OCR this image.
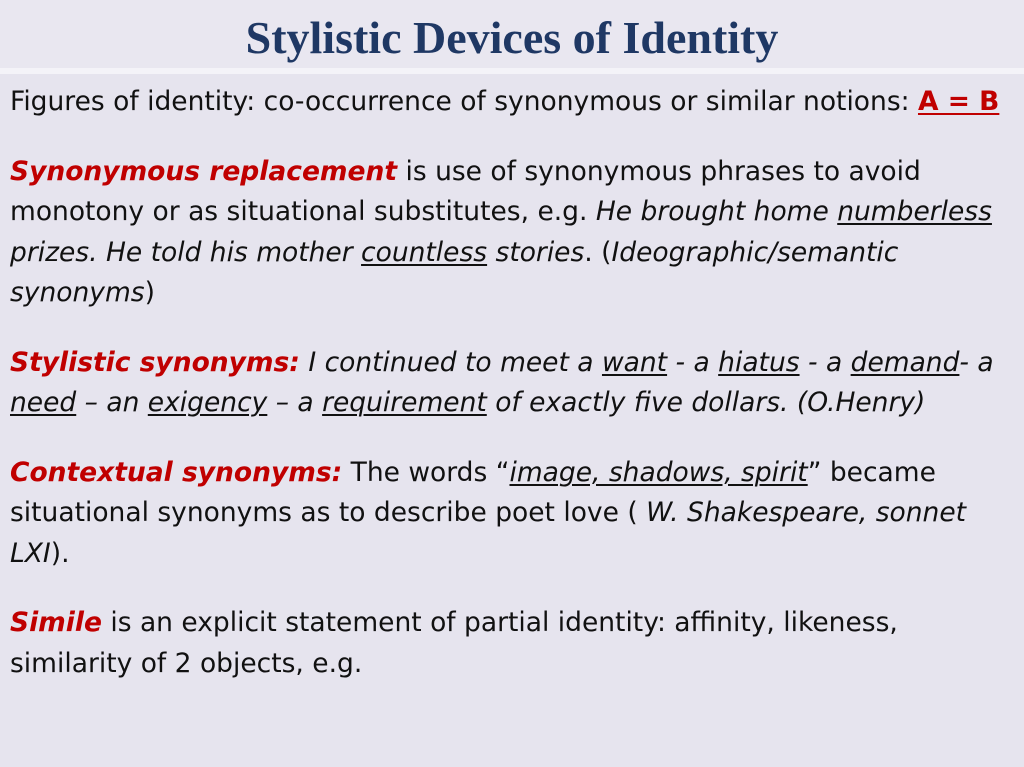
Stylistic Devices of Identity

Figures of identity: co-occurrence of synonymous or similar notions: A = B

Synonymous replacement is use of synonymous phrases to avoid monotony or as situational substitutes, e.g. He brought home numberless prizes. He told his mother countless stories. (Ideographic/semantic synonyms)

Stylistic synonyms: I continued to meet a want - a hiatus - a demand- a need – an exigency – a requirement of exactly five dollars. (O.Henry)

Contextual synonyms: The words “image, shadows, spirit” became situational synonyms as to describe poet love ( W. Shakespeare, sonnet LXI).

Simile is an explicit statement of partial identity: affinity, likeness, similarity of 2 objects, e.g.
